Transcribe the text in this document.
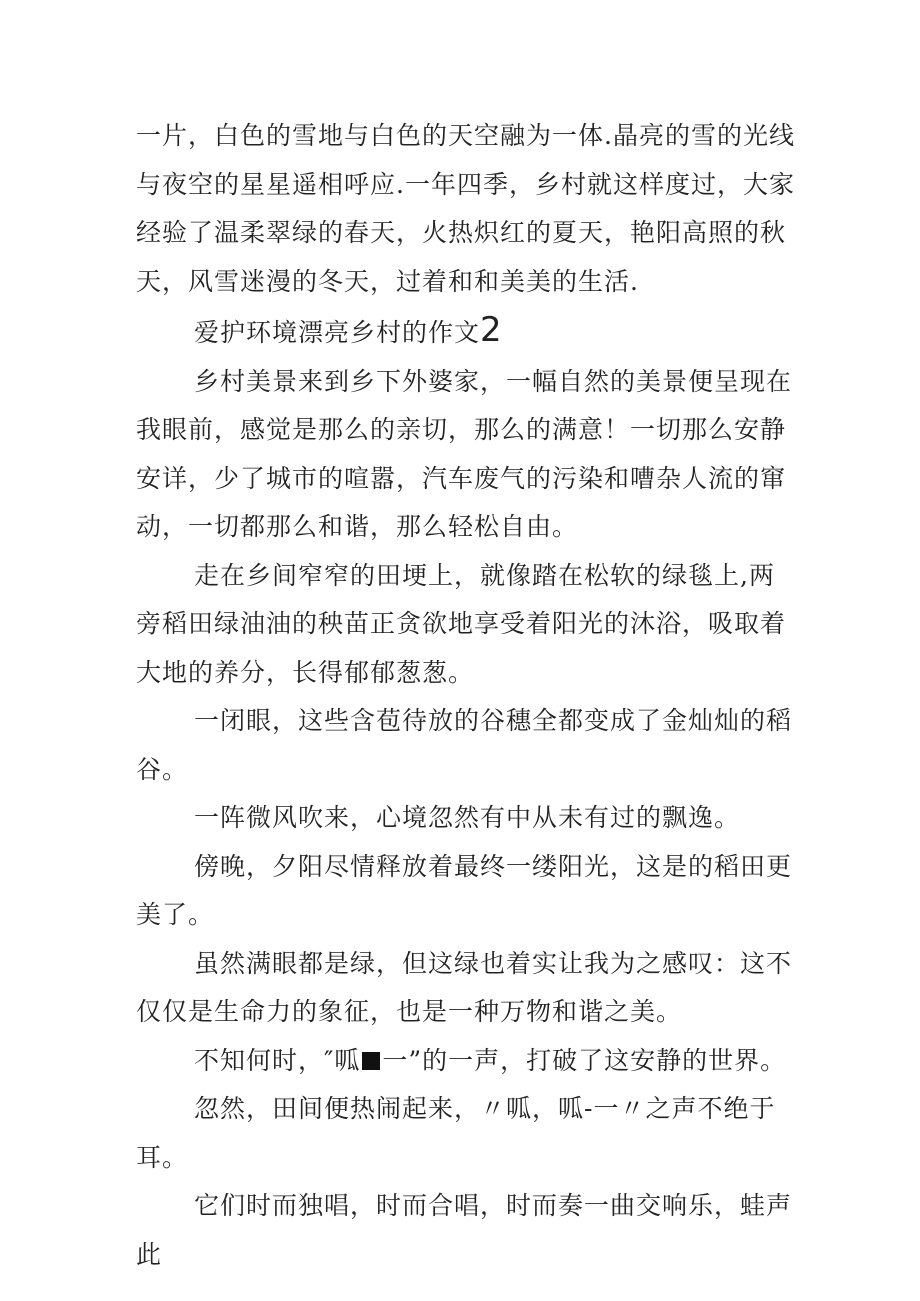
一片，白色的雪地与白色的天空融为一体.晶亮的雪的光线与夜空的星星遥相呼应.一年四季，乡村就这样度过，大家经验了温柔翠绿的春天，火热炽红的夏天，艳阳高照的秋天，风雪迷漫的冬天，过着和和美美的生活.

爱护环境漂亮乡村的作文2

乡村美景来到乡下外婆家，一幅自然的美景便呈现在我眼前，感觉是那么的亲切，那么的满意！一切那么安静安详，少了城市的喧嚣，汽车废气的污染和嘈杂人流的窜动，一切都那么和谐，那么轻松自由。

走在乡间窄窄的田埂上，就像踏在松软的绿毯上,两旁稻田绿油油的秧苗正贪欲地享受着阳光的沐浴，吸取着大地的养分，长得郁郁葱葱。

一闭眼，这些含苞待放的谷穗全都变成了金灿灿的稻谷。

一阵微风吹来，心境忽然有中从未有过的飘逸。

傍晚，夕阳尽情释放着最终一缕阳光，这是的稻田更美了。

虽然满眼都是绿，但这绿也着实让我为之感叹：这不仅仅是生命力的象征，也是一种万物和谐之美。

不知何时，″呱 一”的一声，打破了这安静的世界。

忽然，田间便热闹起来，〃呱，呱-一〃之声不绝于耳。

它们时而独唱，时而合唱，时而奏一曲交响乐，蛙声此
